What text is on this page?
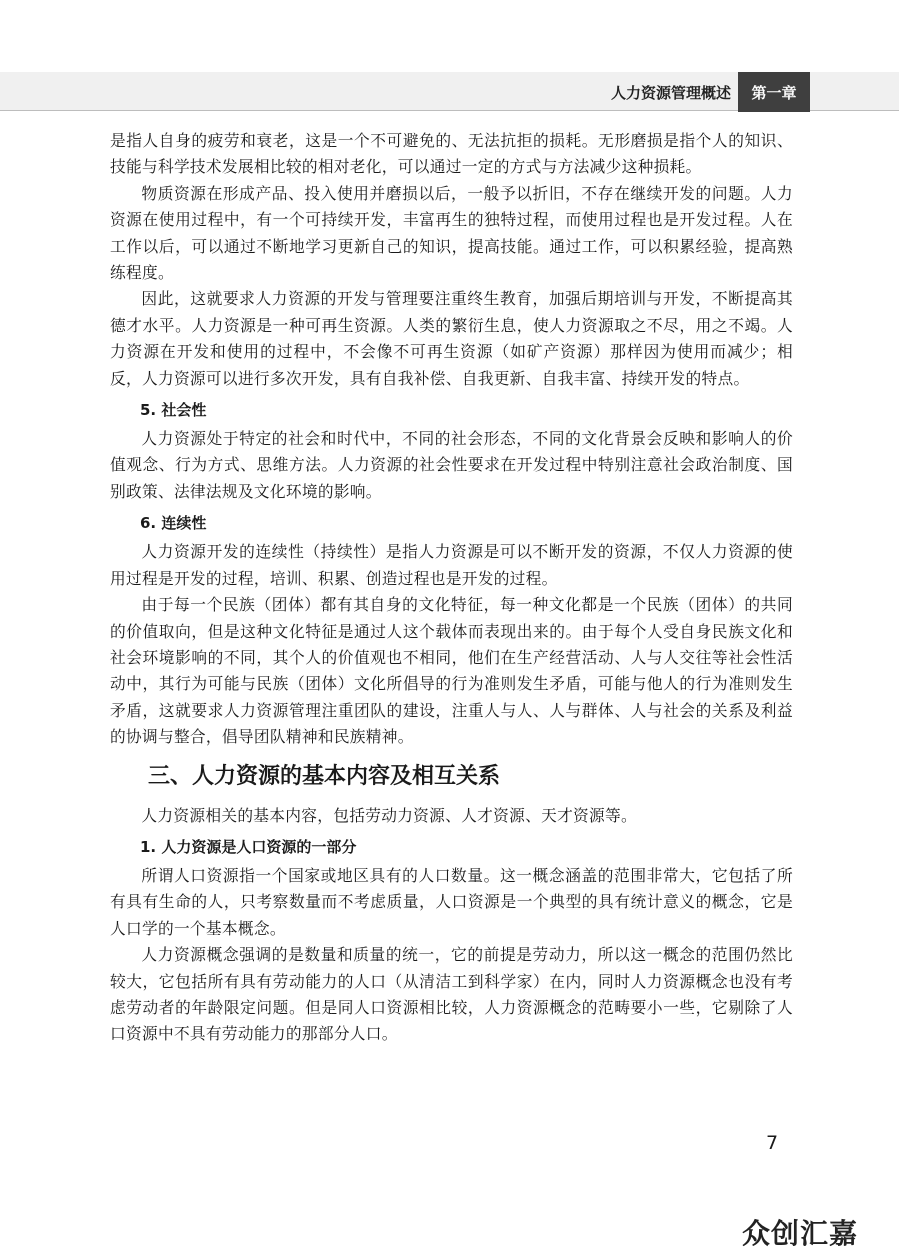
人力资源管理概述	第一章

是指人自身的疲劳和衰老，这是一个不可避免的、无法抗拒的损耗。无形磨损是指个人的知识、技能与科学技术发展相比较的相对老化，可以通过一定的方式与方法减少这种损耗。

物质资源在形成产品、投入使用并磨损以后，一般予以折旧，不存在继续开发的问题。人力资源在使用过程中，有一个可持续开发，丰富再生的独特过程，而使用过程也是开发过程。人在工作以后，可以通过不断地学习更新自己的知识，提高技能。通过工作，可以积累经验，提高熟练程度。

因此，这就要求人力资源的开发与管理要注重终生教育，加强后期培训与开发，不断提高其德才水平。人力资源是一种可再生资源。人类的繁衍生息，使人力资源取之不尽，用之不竭。人力资源在开发和使用的过程中，不会像不可再生资源（如矿产资源）那样因为使用而减少；相反，人力资源可以进行多次开发，具有自我补偿、自我更新、自我丰富、持续开发的特点。

5. 社会性

人力资源处于特定的社会和时代中，不同的社会形态，不同的文化背景会反映和影响人的价值观念、行为方式、思维方法。人力资源的社会性要求在开发过程中特别注意社会政治制度、国别政策、法律法规及文化环境的影响。

6. 连续性

人力资源开发的连续性（持续性）是指人力资源是可以不断开发的资源，不仅人力资源的使用过程是开发的过程，培训、积累、创造过程也是开发的过程。

由于每一个民族（团体）都有其自身的文化特征，每一种文化都是一个民族（团体）的共同的价值取向，但是这种文化特征是通过人这个载体而表现出来的。由于每个人受自身民族文化和社会环境影响的不同，其个人的价值观也不相同，他们在生产经营活动、人与人交往等社会性活动中，其行为可能与民族（团体）文化所倡导的行为准则发生矛盾，可能与他人的行为准则发生矛盾，这就要求人力资源管理注重团队的建设，注重人与人、人与群体、人与社会的关系及利益的协调与整合，倡导团队精神和民族精神。

三、人力资源的基本内容及相互关系

人力资源相关的基本内容，包括劳动力资源、人才资源、天才资源等。

1. 人力资源是人口资源的一部分

所谓人口资源指一个国家或地区具有的人口数量。这一概念涵盖的范围非常大，它包括了所有具有生命的人，只考察数量而不考虑质量，人口资源是一个典型的具有统计意义的概念，它是人口学的一个基本概念。

人力资源概念强调的是数量和质量的统一，它的前提是劳动力，所以这一概念的范围仍然比较大，它包括所有具有劳动能力的人口（从清洁工到科学家）在内，同时人力资源概念也没有考虑劳动者的年龄限定问题。但是同人口资源相比较，人力资源概念的范畴要小一些，它剔除了人口资源中不具有劳动能力的那部分人口。

7
众创汇嘉
